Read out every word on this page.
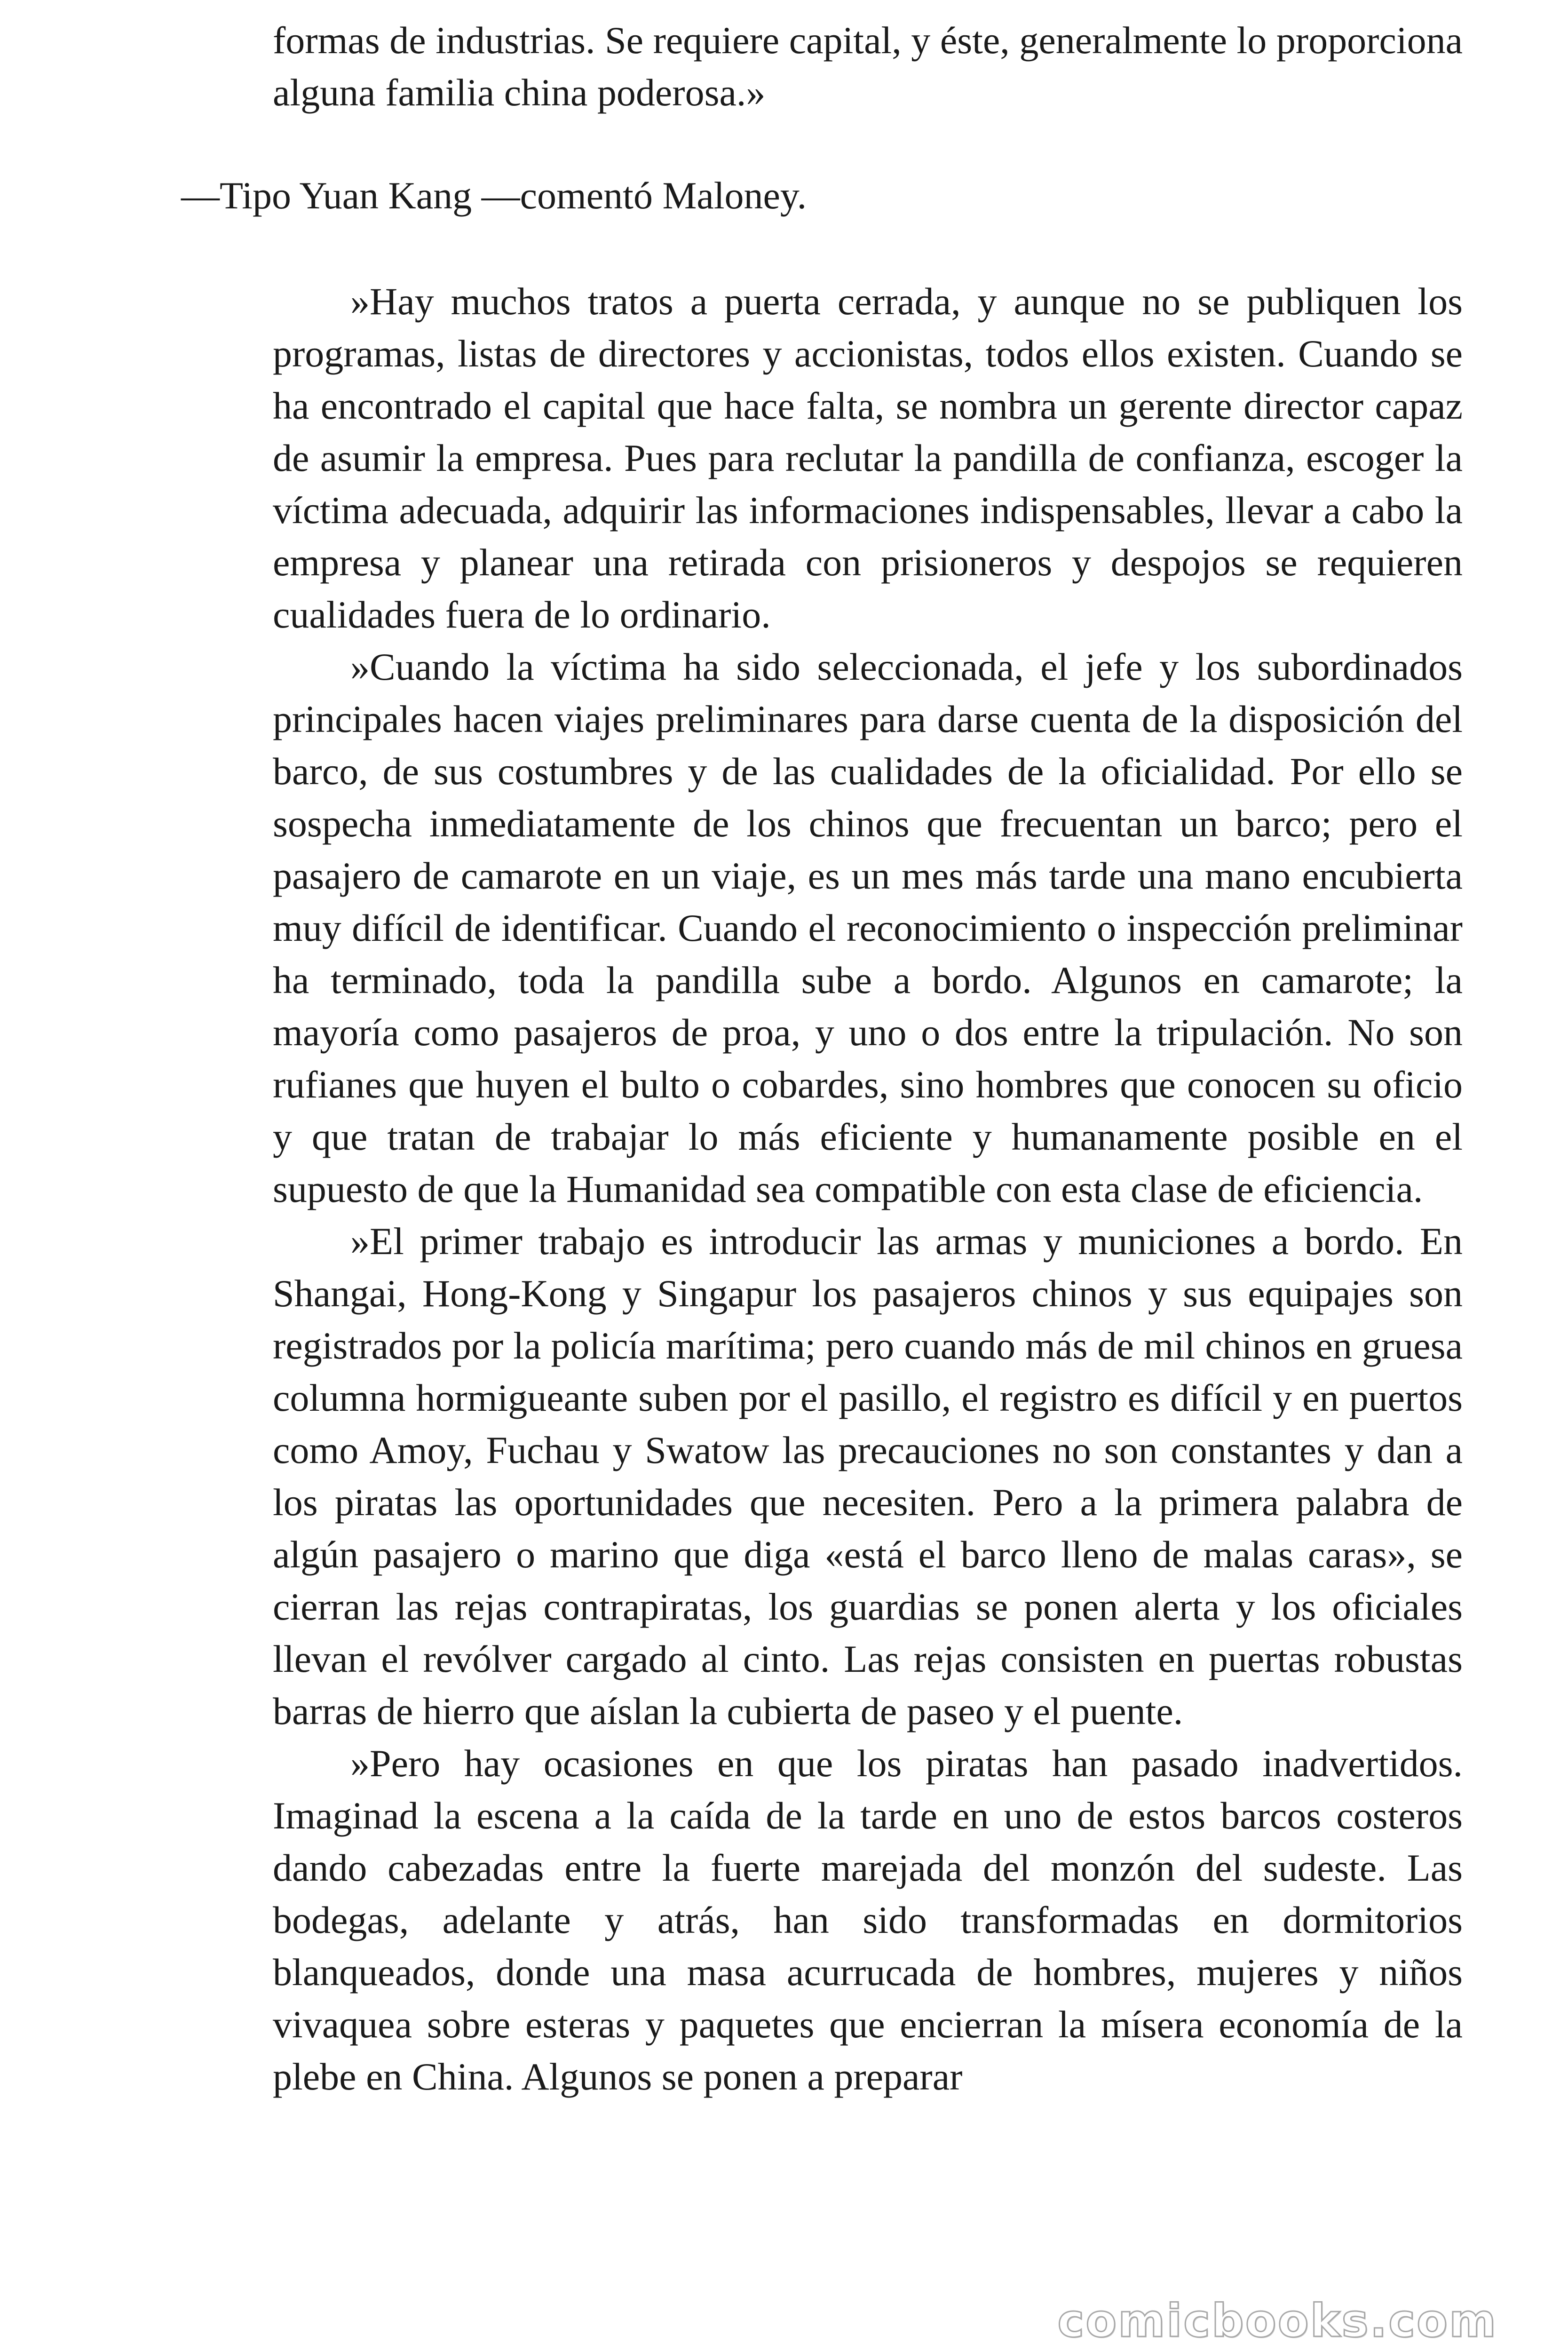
formas de industrias. Se requiere capital, y éste, generalmente lo proporciona alguna familia china poderosa.»

—Tipo Yuan Kang —comentó Maloney.

»Hay muchos tratos a puerta cerrada, y aunque no se publiquen los programas, listas de directores y accionistas, todos ellos existen. Cuando se ha encontrado el capital que hace falta, se nombra un gerente director capaz de asumir la empresa. Pues para reclutar la pandilla de confianza, escoger la víctima adecuada, adquirir las informaciones indispensables, llevar a cabo la empresa y planear una retirada con prisioneros y despojos se requieren cualidades fuera de lo ordinario.

»Cuando la víctima ha sido seleccionada, el jefe y los subordinados principales hacen viajes preliminares para darse cuenta de la disposición del barco, de sus costumbres y de las cualidades de la oficialidad. Por ello se sospecha inmediatamente de los chinos que frecuentan un barco; pero el pasajero de camarote en un viaje, es un mes más tarde una mano encubierta muy difícil de identificar. Cuando el reconocimiento o inspección preliminar ha terminado, toda la pandilla sube a bordo. Algunos en camarote; la mayoría como pasajeros de proa, y uno o dos entre la tripulación. No son rufianes que huyen el bulto o cobardes, sino hombres que conocen su oficio y que tratan de trabajar lo más eficiente y humanamente posible en el supuesto de que la Humanidad sea compatible con esta clase de eficiencia.

»El primer trabajo es introducir las armas y municiones a bordo. En Shangai, Hong-Kong y Singapur los pasajeros chinos y sus equipajes son registrados por la policía marítima; pero cuando más de mil chinos en gruesa columna hormigueante suben por el pasillo, el registro es difícil y en puertos como Amoy, Fuchau y Swatow las precauciones no son constantes y dan a los piratas las oportunidades que necesiten. Pero a la primera palabra de algún pasajero o marino que diga «está el barco lleno de malas caras», se cierran las rejas contrapiratas, los guardias se ponen alerta y los oficiales llevan el revólver cargado al cinto. Las rejas consisten en puertas robustas barras de hierro que aíslan la cubierta de paseo y el puente.

»Pero hay ocasiones en que los piratas han pasado inadvertidos. Imaginad la escena a la caída de la tarde en uno de estos barcos costeros dando cabezadas entre la fuerte marejada del monzón del sudeste. Las bodegas, adelante y atrás, han sido transformadas en dormitorios blanqueados, donde una masa acurrucada de hombres, mujeres y niños vivaquea sobre esteras y paquetes que encierran la mísera economía de la plebe en China. Algunos se ponen a preparar

comicbooks.com
